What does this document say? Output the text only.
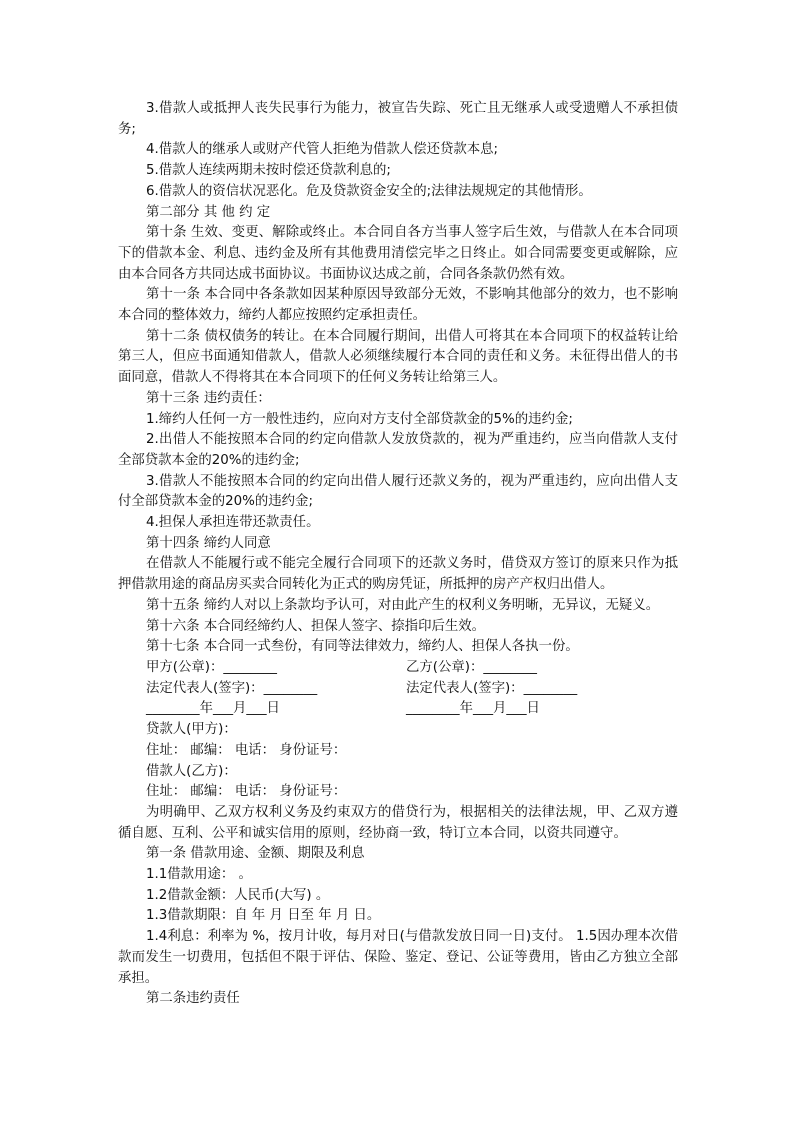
3.借款人或抵押人丧失民事行为能力，被宣告失踪、死亡且无继承人或受遗赠人不承担债务;

4.借款人的继承人或财产代管人拒绝为借款人偿还贷款本息;

5.借款人连续两期未按时偿还贷款利息的;

6.借款人的资信状况恶化。危及贷款资金安全的;法律法规规定的其他情形。

第二部分 其 他 约 定

第十条 生效、变更、解除或终止。本合同自各方当事人签字后生效，与借款人在本合同项下的借款本金、利息、违约金及所有其他费用清偿完毕之日终止。如合同需要变更或解除，应由本合同各方共同达成书面协议。书面协议达成之前，合同各条款仍然有效。

第十一条 本合同中各条款如因某种原因导致部分无效，不影响其他部分的效力，也不影响本合同的整体效力，缔约人都应按照约定承担责任。

第十二条 债权债务的转让。在本合同履行期间，出借人可将其在本合同项下的权益转让给第三人，但应书面通知借款人，借款人必须继续履行本合同的责任和义务。未征得出借人的书面同意，借款人不得将其在本合同项下的任何义务转让给第三人。

第十三条 违约责任：

1.缔约人任何一方一般性违约，应向对方支付全部贷款金的5%的违约金;

2.出借人不能按照本合同的约定向借款人发放贷款的，视为严重违约，应当向借款人支付全部贷款本金的20%的违约金;

3.借款人不能按照本合同的约定向出借人履行还款义务的，视为严重违约，应向出借人支付全部贷款本金的20%的违约金;

4.担保人承担连带还款责任。

第十四条 缔约人同意

在借款人不能履行或不能完全履行合同项下的还款义务时，借贷双方签订的原来只作为抵押借款用途的商品房买卖合同转化为正式的购房凭证，所抵押的房产产权归出借人。

第十五条 缔约人对以上条款均予认可，对由此产生的权利义务明晰，无异议，无疑义。

第十六条 本合同经缔约人、担保人签字、捺指印后生效。

第十七条 本合同一式叁份，有同等法律效力，缔约人、担保人各执一份。

甲方(公章)：________	乙方(公章)：________
法定代表人(签字)：________	法定代表人(签字)：________
________年___月___日	________年___月___日

贷款人(甲方)：

住址： 邮编： 电话： 身份证号：

借款人(乙方)：

住址： 邮编： 电话： 身份证号：

为明确甲、乙双方权利义务及约束双方的借贷行为，根据相关的法律法规，甲、乙双方遵循自愿、互利、公平和诚实信用的原则，经协商一致，特订立本合同，以资共同遵守。

第一条 借款用途、金额、期限及利息

1.1借款用途： 。

1.2借款金额：人民币(大写) 。

1.3借款期限：自 年 月 日至 年 月 日。

1.4利息：利率为 %，按月计收，每月对日(与借款发放日同一日)支付。 1.5因办理本次借款而发生一切费用，包括但不限于评估、保险、鉴定、登记、公证等费用，皆由乙方独立全部承担。

第二条违约责任
